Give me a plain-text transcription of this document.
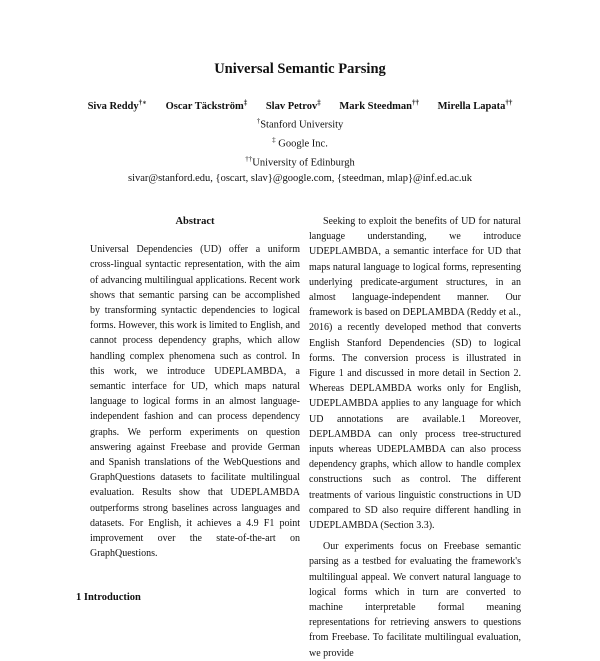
Universal Semantic Parsing
Siva Reddy†∗ Oscar Täckström‡ Slav Petrov‡ Mark Steedman†† Mirella Lapata††
†Stanford University
‡ Google Inc.
††University of Edinburgh
sivar@stanford.edu, {oscart, slav}@google.com, {steedman, mlap}@inf.ed.ac.uk
Abstract

Universal Dependencies (UD) offer a uniform cross-lingual syntactic representation, with the aim of advancing multilingual applications. Recent work shows that semantic parsing can be accomplished by transforming syntactic dependencies to logical forms. However, this work is limited to English, and cannot process dependency graphs, which allow handling complex phenomena such as control. In this work, we introduce UDEPLAMBDA, a semantic interface for UD, which maps natural language to logical forms in an almost language-independent fashion and can process dependency graphs. We perform experiments on question answering against Freebase and provide German and Spanish translations of the WebQuestions and GraphQuestions datasets to facilitate multilingual evaluation. Results show that UDEPLAMBDA outperforms strong baselines across languages and datasets. For English, it achieves a 4.9 F1 point improvement over the state-of-the-art on GraphQuestions.

Seeking to exploit the benefits of UD for natural language understanding, we introduce UDEPLAMBDA, a semantic interface for UD that maps natural language to logical forms, representing underlying predicate-argument structures, in an almost language-independent manner. Our framework is based on DEPLAMBDA (Reddy et al., 2016) a recently developed method that converts English Stanford Dependencies (SD) to logical forms. The conversion process is illustrated in Figure 1 and discussed in more detail in Section 2. Whereas DEPLAMBDA works only for English, UDEPLAMBDA applies to any language for which UD annotations are available.1 Moreover, DEPLAMBDA can only process tree-structured inputs whereas UDEPLAMBDA can also process dependency graphs, which allow to handle complex constructions such as control. The different treatments of various linguistic constructions in UD compared to SD also require different handling in UDEPLAMBDA (Section 3.3).

Our experiments focus on Freebase semantic parsing as a testbed for evaluating the framework's multilingual appeal. We convert natural language to logical forms which in turn are converted to machine interpretable formal meaning representations for retrieving answers to questions from Freebase. To facilitate multilingual evaluation, we provide

1 Introduction
